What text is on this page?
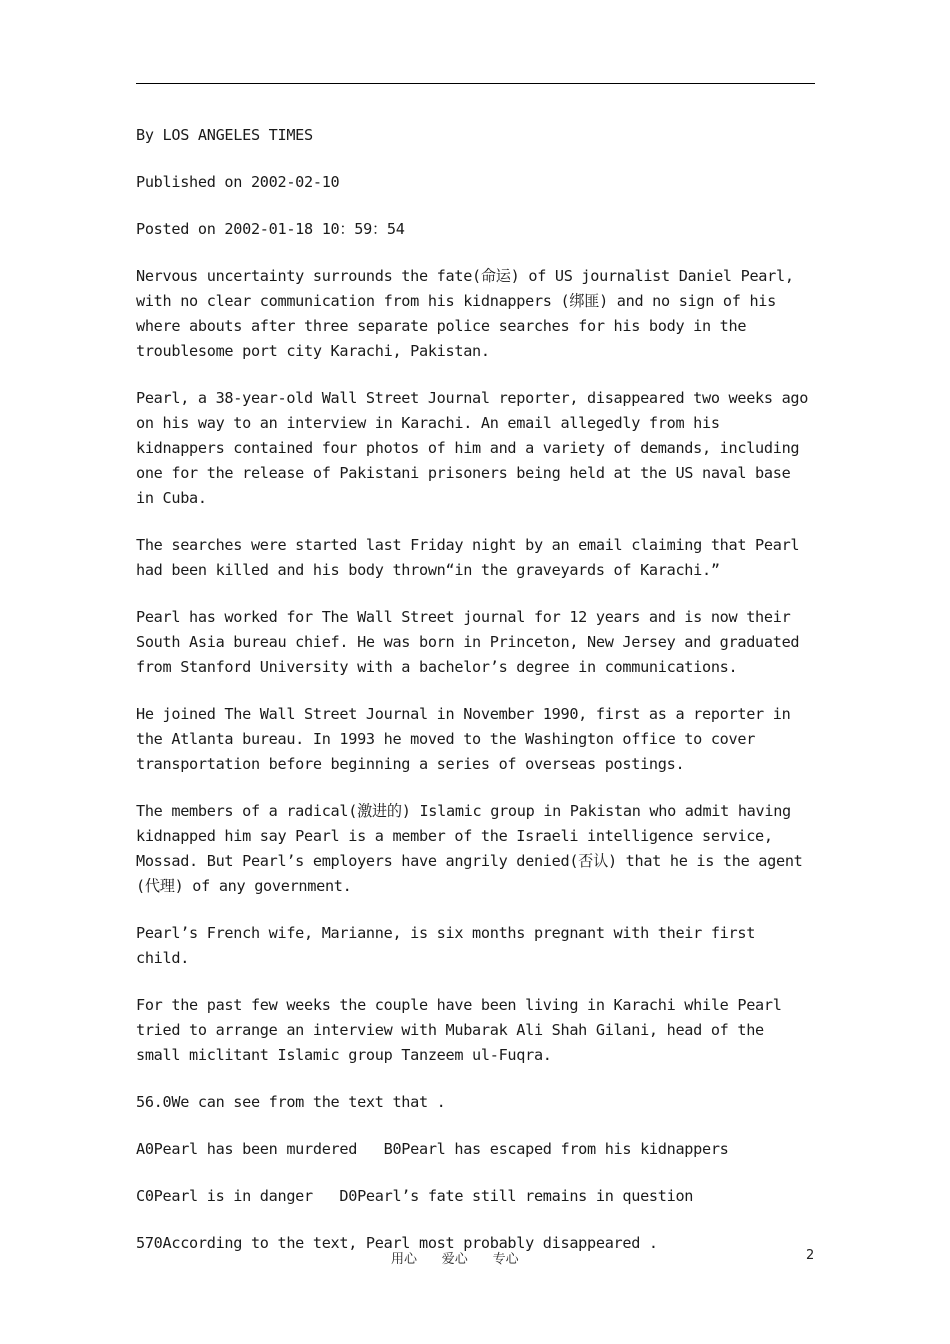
By LOS ANGELES TIMES

Published on 2002-02-10

Posted on 2002-01-18 10：59：54

Nervous uncertainty surrounds the fate(命运) of US journalist Daniel Pearl, with no clear communication from his kidnappers (绑匪) and no sign of his where abouts after three separate police searches for his body in the troublesome port city Karachi, Pakistan.

Pearl, a 38-year-old Wall Street Journal reporter, disappeared two weeks ago on his way to an interview in Karachi. An email allegedly from his kidnappers contained four photos of him and a variety of demands, including one for the release of Pakistani prisoners being held at the US naval base in Cuba.

The searches were started last Friday night by an email claiming that Pearl had been killed and his body thrown“in the graveyards of Karachi.”

Pearl has worked for The Wall Street journal for 12 years and is now their South Asia bureau chief. He was born in Princeton, New Jersey and graduated from Stanford University with a bachelor’s degree in communications.

He joined The Wall Street Journal in November 1990, first as a reporter in the Atlanta bureau. In 1993 he moved to the Washington office to cover transportation before beginning a series of overseas postings.

The members of a radical(激进的) Islamic group in Pakistan who admit having kidnapped him say Pearl is a member of the Israeli intelligence service, Mossad. But Pearl’s employers have angrily denied(否认) that he is the agent (代理) of any government.

Pearl’s French wife, Marianne, is six months pregnant with their first child.

For the past few weeks the couple have been living in Karachi while Pearl tried to arrange an interview with Mubarak Ali Shah Gilani, head of the small miclitant Islamic group Tanzeem ul-Fuqra.

56.0We can see from the text that .

A0Pearl has been murdered   B0Pearl has escaped from his kidnappers

C0Pearl is in danger   D0Pearl’s fate still remains in question

570According to the text, Pearl most probably disappeared .

用心      爱心      专心	2
